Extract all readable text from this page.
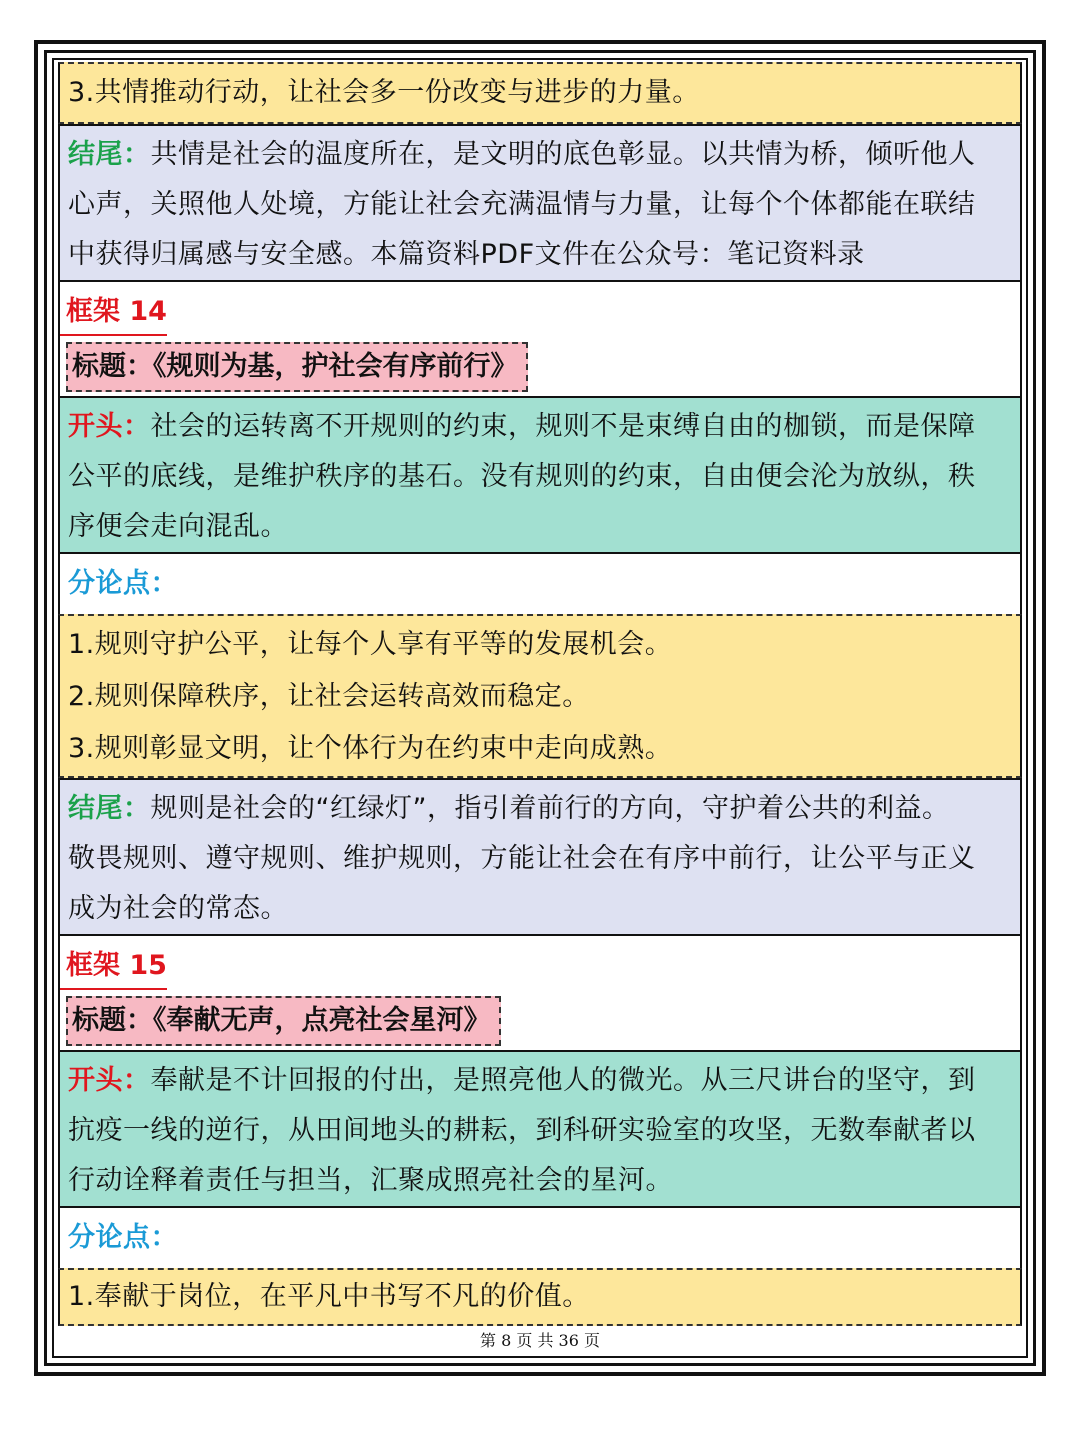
3.共情推动行动，让社会多一份改变与进步的力量。
结尾：共情是社会的温度所在，是文明的底色彰显。以共情为桥，倾听他人
心声，关照他人处境，方能让社会充满温情与力量，让每个个体都能在联结
中获得归属感与安全感。本篇资料PDF文件在公众号：笔记资料录
框架 14
标题：《规则为基，护社会有序前行》
开头：社会的运转离不开规则的约束，规则不是束缚自由的枷锁，而是保障
公平的底线，是维护秩序的基石。没有规则的约束，自由便会沦为放纵，秩
序便会走向混乱。
分论点：
1.规则守护公平，让每个人享有平等的发展机会。
2.规则保障秩序，让社会运转高效而稳定。
3.规则彰显文明，让个体行为在约束中走向成熟。
结尾：规则是社会的“红绿灯”，指引着前行的方向，守护着公共的利益。
敬畏规则、遵守规则、维护规则，方能让社会在有序中前行，让公平与正义
成为社会的常态。
框架 15
标题：《奉献无声，点亮社会星河》
开头：奉献是不计回报的付出，是照亮他人的微光。从三尺讲台的坚守，到
抗疫一线的逆行，从田间地头的耕耘，到科研实验室的攻坚，无数奉献者以
行动诠释着责任与担当，汇聚成照亮社会的星河。
分论点：
1.奉献于岗位，在平凡中书写不凡的价值。
第 8 页 共 36 页
